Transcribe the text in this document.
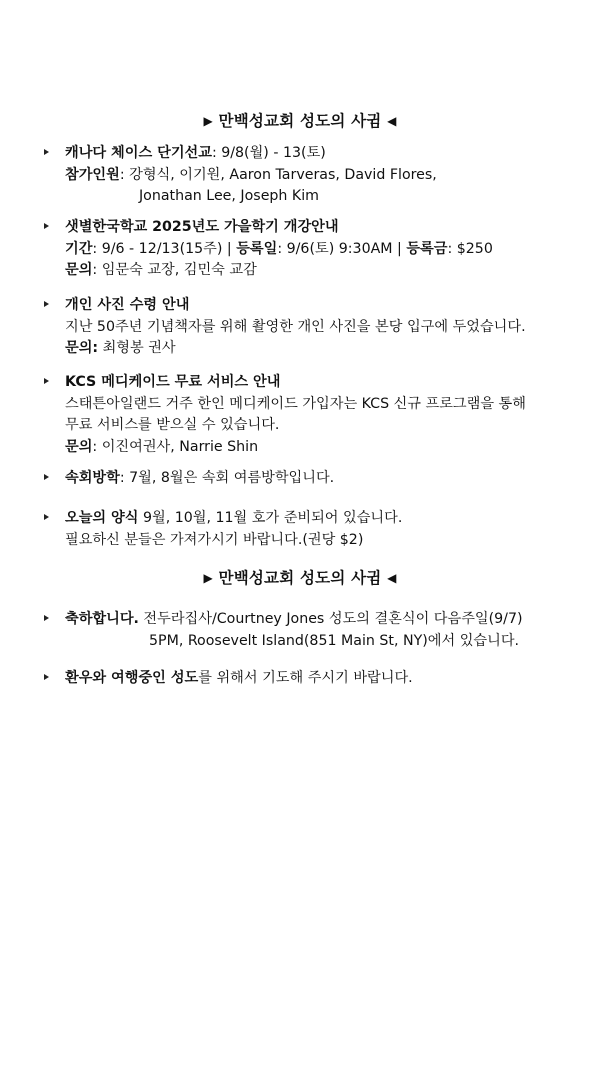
▶ 만백성교회 성도의 사귐 ◀
캐나다 체이스 단기선교: 9/8(월) - 13(토)
참가인원: 강형식, 이기원, Aaron Tarveras, David Flores,
Jonathan Lee, Joseph Kim
샛별한국학교 2025년도 가을학기 개강안내
기간: 9/6 - 12/13(15주) | 등록일: 9/6(토) 9:30AM | 등록금: $250
문의: 임문숙 교장, 김민숙 교감
개인 사진 수령 안내
지난 50주년 기념책자를 위해 촬영한 개인 사진을 본당 입구에 두었습니다.
문의: 최형봉 권사
KCS 메디케이드 무료 서비스 안내
스태튼아일랜드 거주 한인 메디케이드 가입자는 KCS 신규 프로그램을 통해
무료 서비스를 받으실 수 있습니다.
문의: 이진여권사, Narrie Shin
속회방학: 7월, 8월은 속회 여름방학입니다.
오늘의 양식 9월, 10월, 11월 호가 준비되어 있습니다.
필요하신 분들은 가져가시기 바랍니다.(권당 $2)
▶ 만백성교회 성도의 사귐 ◀
축하합니다. 전두라집사/Courtney Jones 성도의 결혼식이 다음주일(9/7)
5PM, Roosevelt Island(851 Main St, NY)에서 있습니다.
환우와 여행중인 성도를 위해서 기도해 주시기 바랍니다.
